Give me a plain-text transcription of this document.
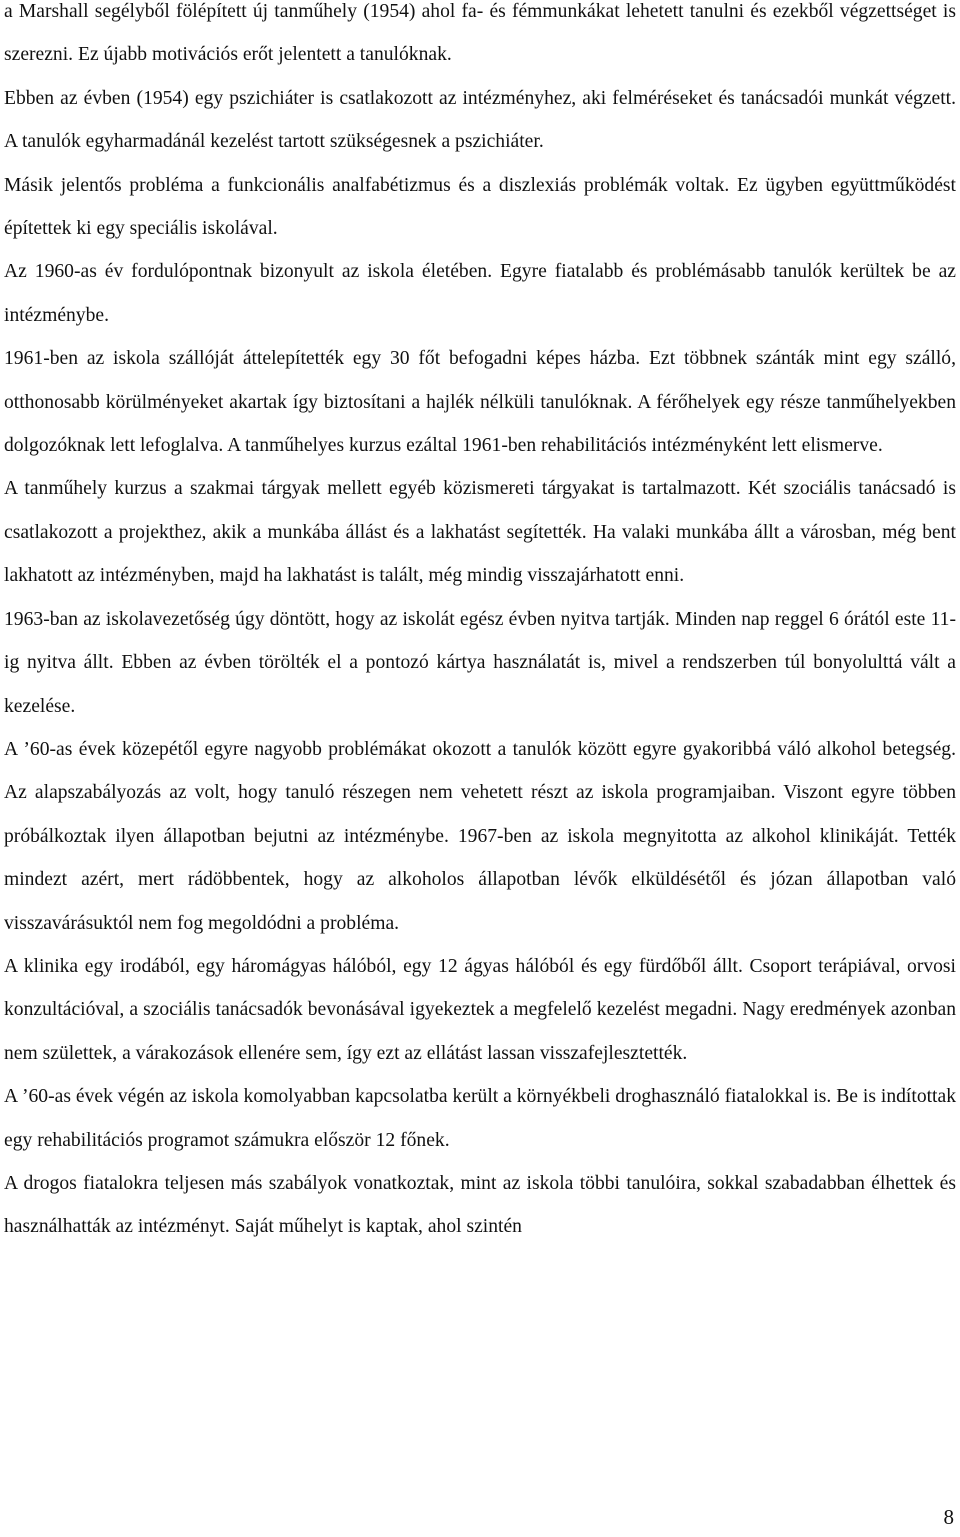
a Marshall segélyből fölépített új tanműhely (1954) ahol fa- és fémmunkákat lehetett tanulni és ezekből végzettséget is szerezni. Ez újabb motivációs erőt jelentett a tanulóknak.

Ebben az évben (1954) egy pszichiáter is csatlakozott az intézményhez, aki felméréseket és tanácsadói munkát végzett. A tanulók egyharmadánál kezelést tartott szükségesnek a pszichiáter.

Másik jelentős probléma a funkcionális analfabétizmus és a diszlexiás problémák voltak. Ez ügyben együttműködést építettek ki egy speciális iskolával.

Az 1960-as év fordulópontnak bizonyult az iskola életében. Egyre fiatalabb és problémásabb tanulók kerültek be az intézménybe.

1961-ben az iskola szállóját áttelepítették egy 30 főt befogadni képes házba. Ezt többnek szánták mint egy szálló, otthonosabb körülményeket akartak így biztosítani a hajlék nélküli tanulóknak. A férőhelyek egy része tanműhelyekben dolgozóknak lett lefoglalva. A tanműhelyes kurzus ezáltal 1961-ben rehabilitációs intézményként lett elismerve.

A tanműhely kurzus a szakmai tárgyak mellett egyéb közismereti tárgyakat is tartalmazott. Két szociális tanácsadó is csatlakozott a projekthez, akik a munkába állást és a lakhatást segítették. Ha valaki munkába állt a városban, még bent lakhatott az intézményben, majd ha lakhatást is talált, még mindig visszajárhatott enni.

1963-ban az iskolavezetőség úgy döntött, hogy az iskolát egész évben nyitva tartják. Minden nap reggel 6 órától este 11-ig nyitva állt. Ebben az évben törölték el a pontozó kártya használatát is, mivel a rendszerben túl bonyolulttá vált a kezelése.

A ’60-as évek közepétől egyre nagyobb problémákat okozott a tanulók között egyre gyakoribbá váló alkohol betegség. Az alapszabályozás az volt, hogy tanuló részegen nem vehetett részt az iskola programjaiban. Viszont egyre többen próbálkoztak ilyen állapotban bejutni az intézménybe. 1967-ben az iskola megnyitotta az alkohol klinikáját. Tették mindezt azért, mert rádöbbentek, hogy az alkoholos állapotban lévők elküldésétől és józan állapotban való visszavárásuktól nem fog megoldódni a probléma.

A klinika egy irodából, egy háromágyas hálóból, egy 12 ágyas hálóból és egy fürdőből állt. Csoport terápiával, orvosi konzultációval, a szociális tanácsadók bevonásával igyekeztek a megfelelő kezelést megadni. Nagy eredmények azonban nem születtek, a várakozások ellenére sem, így ezt az ellátást lassan visszafejlesztették.

A ’60-as évek végén az iskola komolyabban kapcsolatba került a környékbeli droghasználó fiatalokkal is. Be is indítottak egy rehabilitációs programot számukra először 12 főnek.

A drogos fiatalokra teljesen más szabályok vonatkoztak, mint az iskola többi tanulóira, sokkal szabadabban élhettek és használhatták az intézményt. Saját műhelyt is kaptak, ahol szintén

8
